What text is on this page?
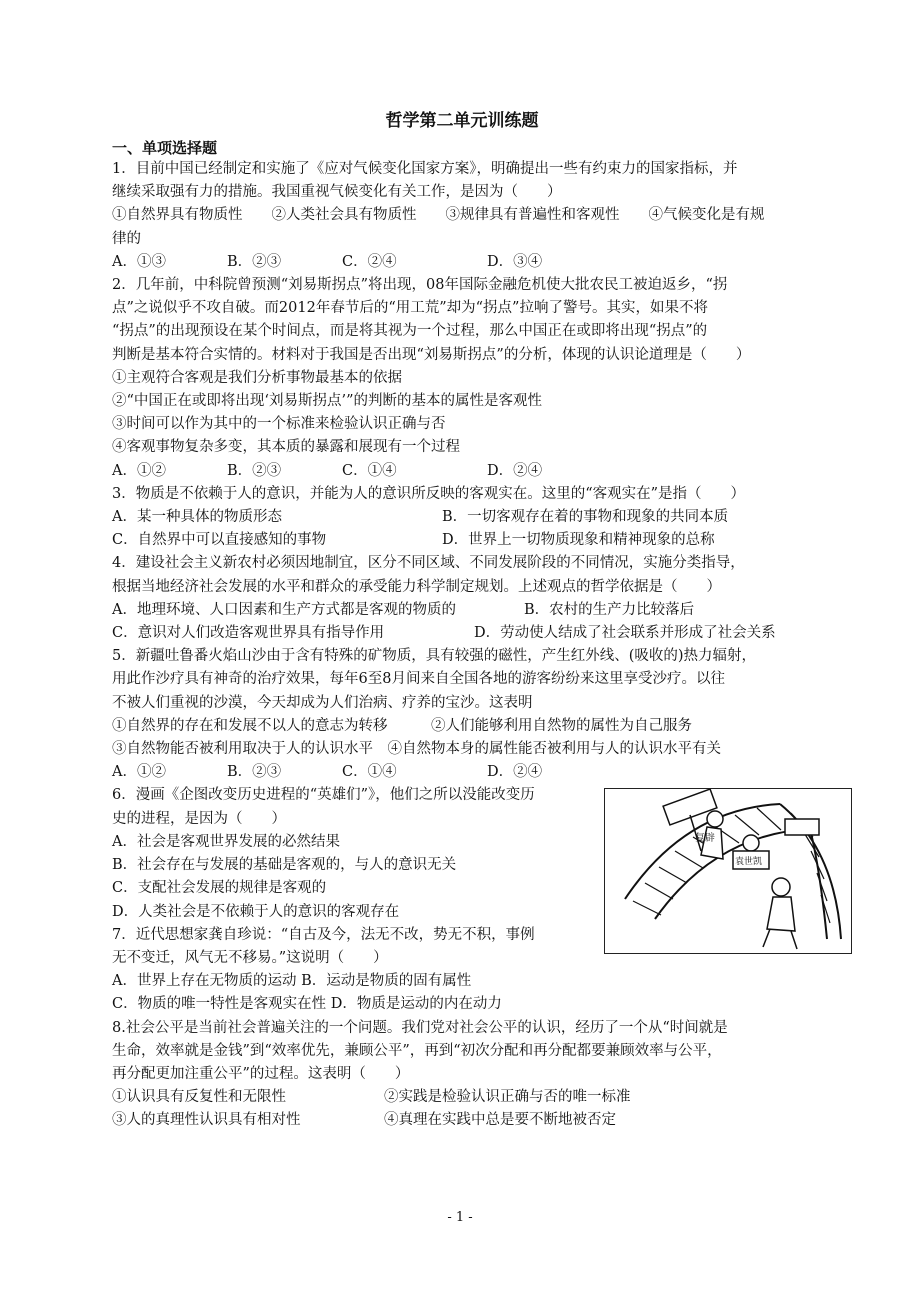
哲学第二单元训练题

一、单项选择题

1．目前中国已经制定和实施了《应对气候变化国家方案》，明确提出一些有约束力的国家指标，并

继续采取强有力的措施。我国重视气候变化有关工作，是因为（　　）

①自然界具有物质性　　②人类社会具有物质性　　③规律具有普遍性和客观性　　④气候变化是有规

律的

A．①③	B．②③	C．②④	D．③④

2．几年前，中科院曾预测“刘易斯拐点”将出现，08年国际金融危机使大批农民工被迫返乡，“拐

点”之说似乎不攻自破。而2012年春节后的“用工荒”却为“拐点”拉响了警号。其实，如果不将

“拐点”的出现预设在某个时间点，而是将其视为一个过程，那么中国正在或即将出现“拐点”的

判断是基本符合实情的。材料对于我国是否出现“刘易斯拐点”的分析，体现的认识论道理是（　　）

①主观符合客观是我们分析事物最基本的依据

②“中国正在或即将出现‘刘易斯拐点’”的判断的基本的属性是客观性

③时间可以作为其中的一个标准来检验认识正确与否

④客观事物复杂多变，其本质的暴露和展现有一个过程

A．①②	B．②③	C．①④	D．②④

3．物质是不依赖于人的意识，并能为人的意识所反映的客观实在。这里的“客观实在”是指（　　）

A．某一种具体的物质形态	B．一切客观存在着的事物和现象的共同本质

C．自然界中可以直接感知的事物	D．世界上一切物质现象和精神现象的总称

4．建设社会主义新农村必须因地制宜，区分不同区域、不同发展阶段的不同情况，实施分类指导，

根据当地经济社会发展的水平和群众的承受能力科学制定规划。上述观点的哲学依据是（　　）

A．地理环境、人口因素和生产方式都是客观的物质的	B．农村的生产力比较落后

C．意识对人们改造客观世界具有指导作用	D．劳动使人结成了社会联系并形成了社会关系

5．新疆吐鲁番火焰山沙由于含有特殊的矿物质，具有较强的磁性，产生红外线、(吸收的)热力辐射，

用此作沙疗具有神奇的治疗效果，每年6至8月间来自全国各地的游客纷纷来这里享受沙疗。以往

不被人们重视的沙漠，今天却成为人们治病、疗养的宝沙。这表明

①自然界的存在和发展不以人的意志为转移　　　②人们能够利用自然物的属性为自己服务

③自然物能否被利用取决于人的认识水平　④自然物本身的属性能否被利用与人的认识水平有关

A．①②	B．②③	C．①④	D．②④

复辟
袁世凯

6．漫画《企图改变历史进程的“英雄们”》，他们之所以没能改变历

史的进程，是因为（　　）

A．社会是客观世界发展的必然结果

B．社会存在与发展的基础是客观的，与人的意识无关

C．支配社会发展的规律是客观的

D．人类社会是不依赖于人的意识的客观存在

7．近代思想家龚自珍说：“自古及今，法无不改，势无不积，事例

无不变迁，风气无不移易。”这说明（　　）

A．世界上存在无物质的运动 B．运动是物质的固有属性

C．物质的唯一特性是客观实在性 D．物质是运动的内在动力

8.社会公平是当前社会普遍关注的一个问题。我们党对社会公平的认识，经历了一个从“时间就是

生命，效率就是金钱”到“效率优先，兼顾公平”，再到“初次分配和再分配都要兼顾效率与公平，

再分配更加注重公平”的过程。这表明（　　）

①认识具有反复性和无限性	②实践是检验认识正确与否的唯一标准

③人的真理性认识具有相对性	④真理在实践中总是要不断地被否定

- 1 -
